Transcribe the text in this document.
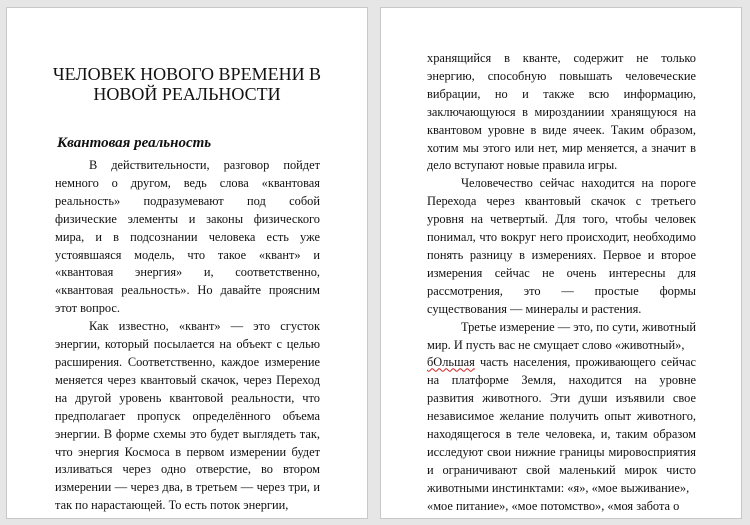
ЧЕЛОВЕК НОВОГО ВРЕМЕНИ В НОВОЙ РЕАЛЬНОСТИ
Квантовая реальность

В действительности, разговор пойдет немного о другом, ведь слова «квантовая реальность» подразумевают под собой физические элементы и законы физического мира, и в подсознании человека есть уже устоявшаяся модель, что такое «квант» и «квантовая энергия» и, соответственно, «квантовая реальность». Но давайте проясним этот вопрос.

Как известно, «квант» — это сгусток энергии, который посылается на объект с целью расширения. Соответственно, каждое измерение меняется через квантовый скачок, через Переход на другой уровень квантовой реальности, что предполагает пропуск определённого объема энергии. В форме схемы это будет выглядеть так, что энергия Космоса в первом измерении будет изливаться через одно отверстие, во втором измерении — через два, в третьем — через три, и так по нарастающей. То есть поток энергии,

хранящийся в кванте, содержит не только энергию, способную повышать человеческие вибрации, но и также всю информацию, заключающуюся в мирозданиии хранящуюся на квантовом уровне в виде ячеек. Таким образом, хотим мы этого или нет, мир меняется, а значит в дело вступают новые правила игры.

Человечество сейчас находится на пороге Перехода через квантовый скачок с третьего уровня на четвертый. Для того, чтобы человек понимал, что вокруг него происходит, необходимо понять разницу в измерениях. Первое и второе измерения сейчас не очень интересны для рассмотрения, это — простые формы существования — минералы и растения.

Третье измерение — это, по сути, животный мир. И пусть вас не смущает слово «животный»,
бОльшая часть населения, проживающего сейчас на платформе Земля, находится на уровне развития животного. Эти души изъявили свое независимое желание получить опыт животного, находящегося в теле человека, и, таким образом исследуют свои нижние границы мировосприятия и ограничивают свой маленький мирок чисто животными инстинктами: «я», «мое выживание»,

«мое питание», «мое потомство», «моя забота о
